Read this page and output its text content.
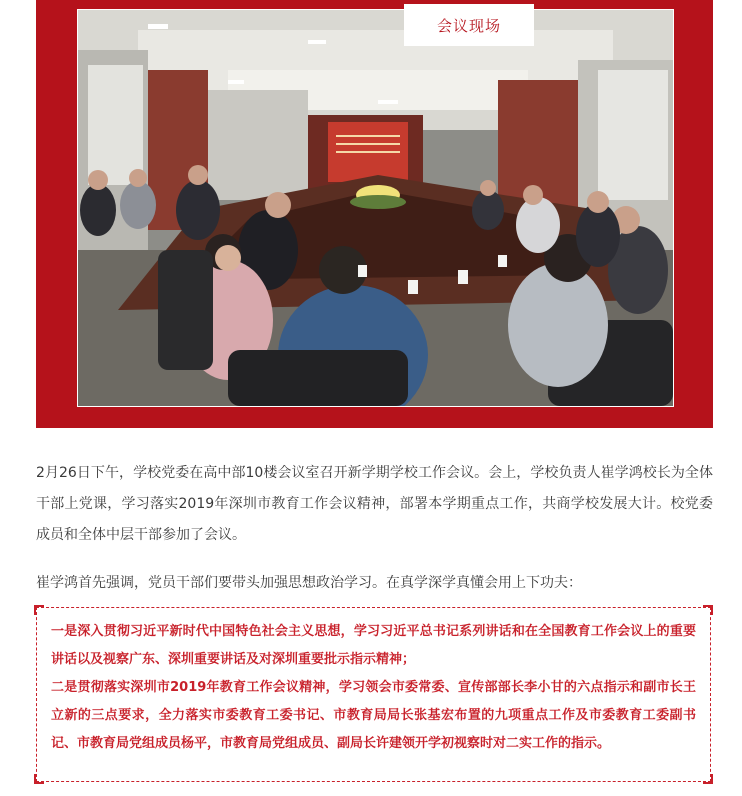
会议现场

2月26日下午，学校党委在高中部10楼会议室召开新学期学校工作会议。会上，学校负责人崔学鸿校长为全体干部上党课，学习落实2019年深圳市教育工作会议精神，部署本学期重点工作，共商学校发展大计。校党委成员和全体中层干部参加了会议。

崔学鸿首先强调，党员干部们要带头加强思想政治学习。在真学深学真懂会用上下功夫：

一是深入贯彻习近平新时代中国特色社会主义思想，学习习近平总书记系列讲话和在全国教育工作会议上的重要讲话以及视察广东、深圳重要讲话及对深圳重要批示指示精神；

二是贯彻落实深圳市2019年教育工作会议精神，学习领会市委常委、宣传部部长李小甘的六点指示和副市长王立新的三点要求，全力落实市委教育工委书记、市教育局局长张基宏布置的九项重点工作及市委教育工委副书记、市教育局党组成员杨平，市教育局党组成员、副局长许建领开学初视察时对二实工作的指示。
